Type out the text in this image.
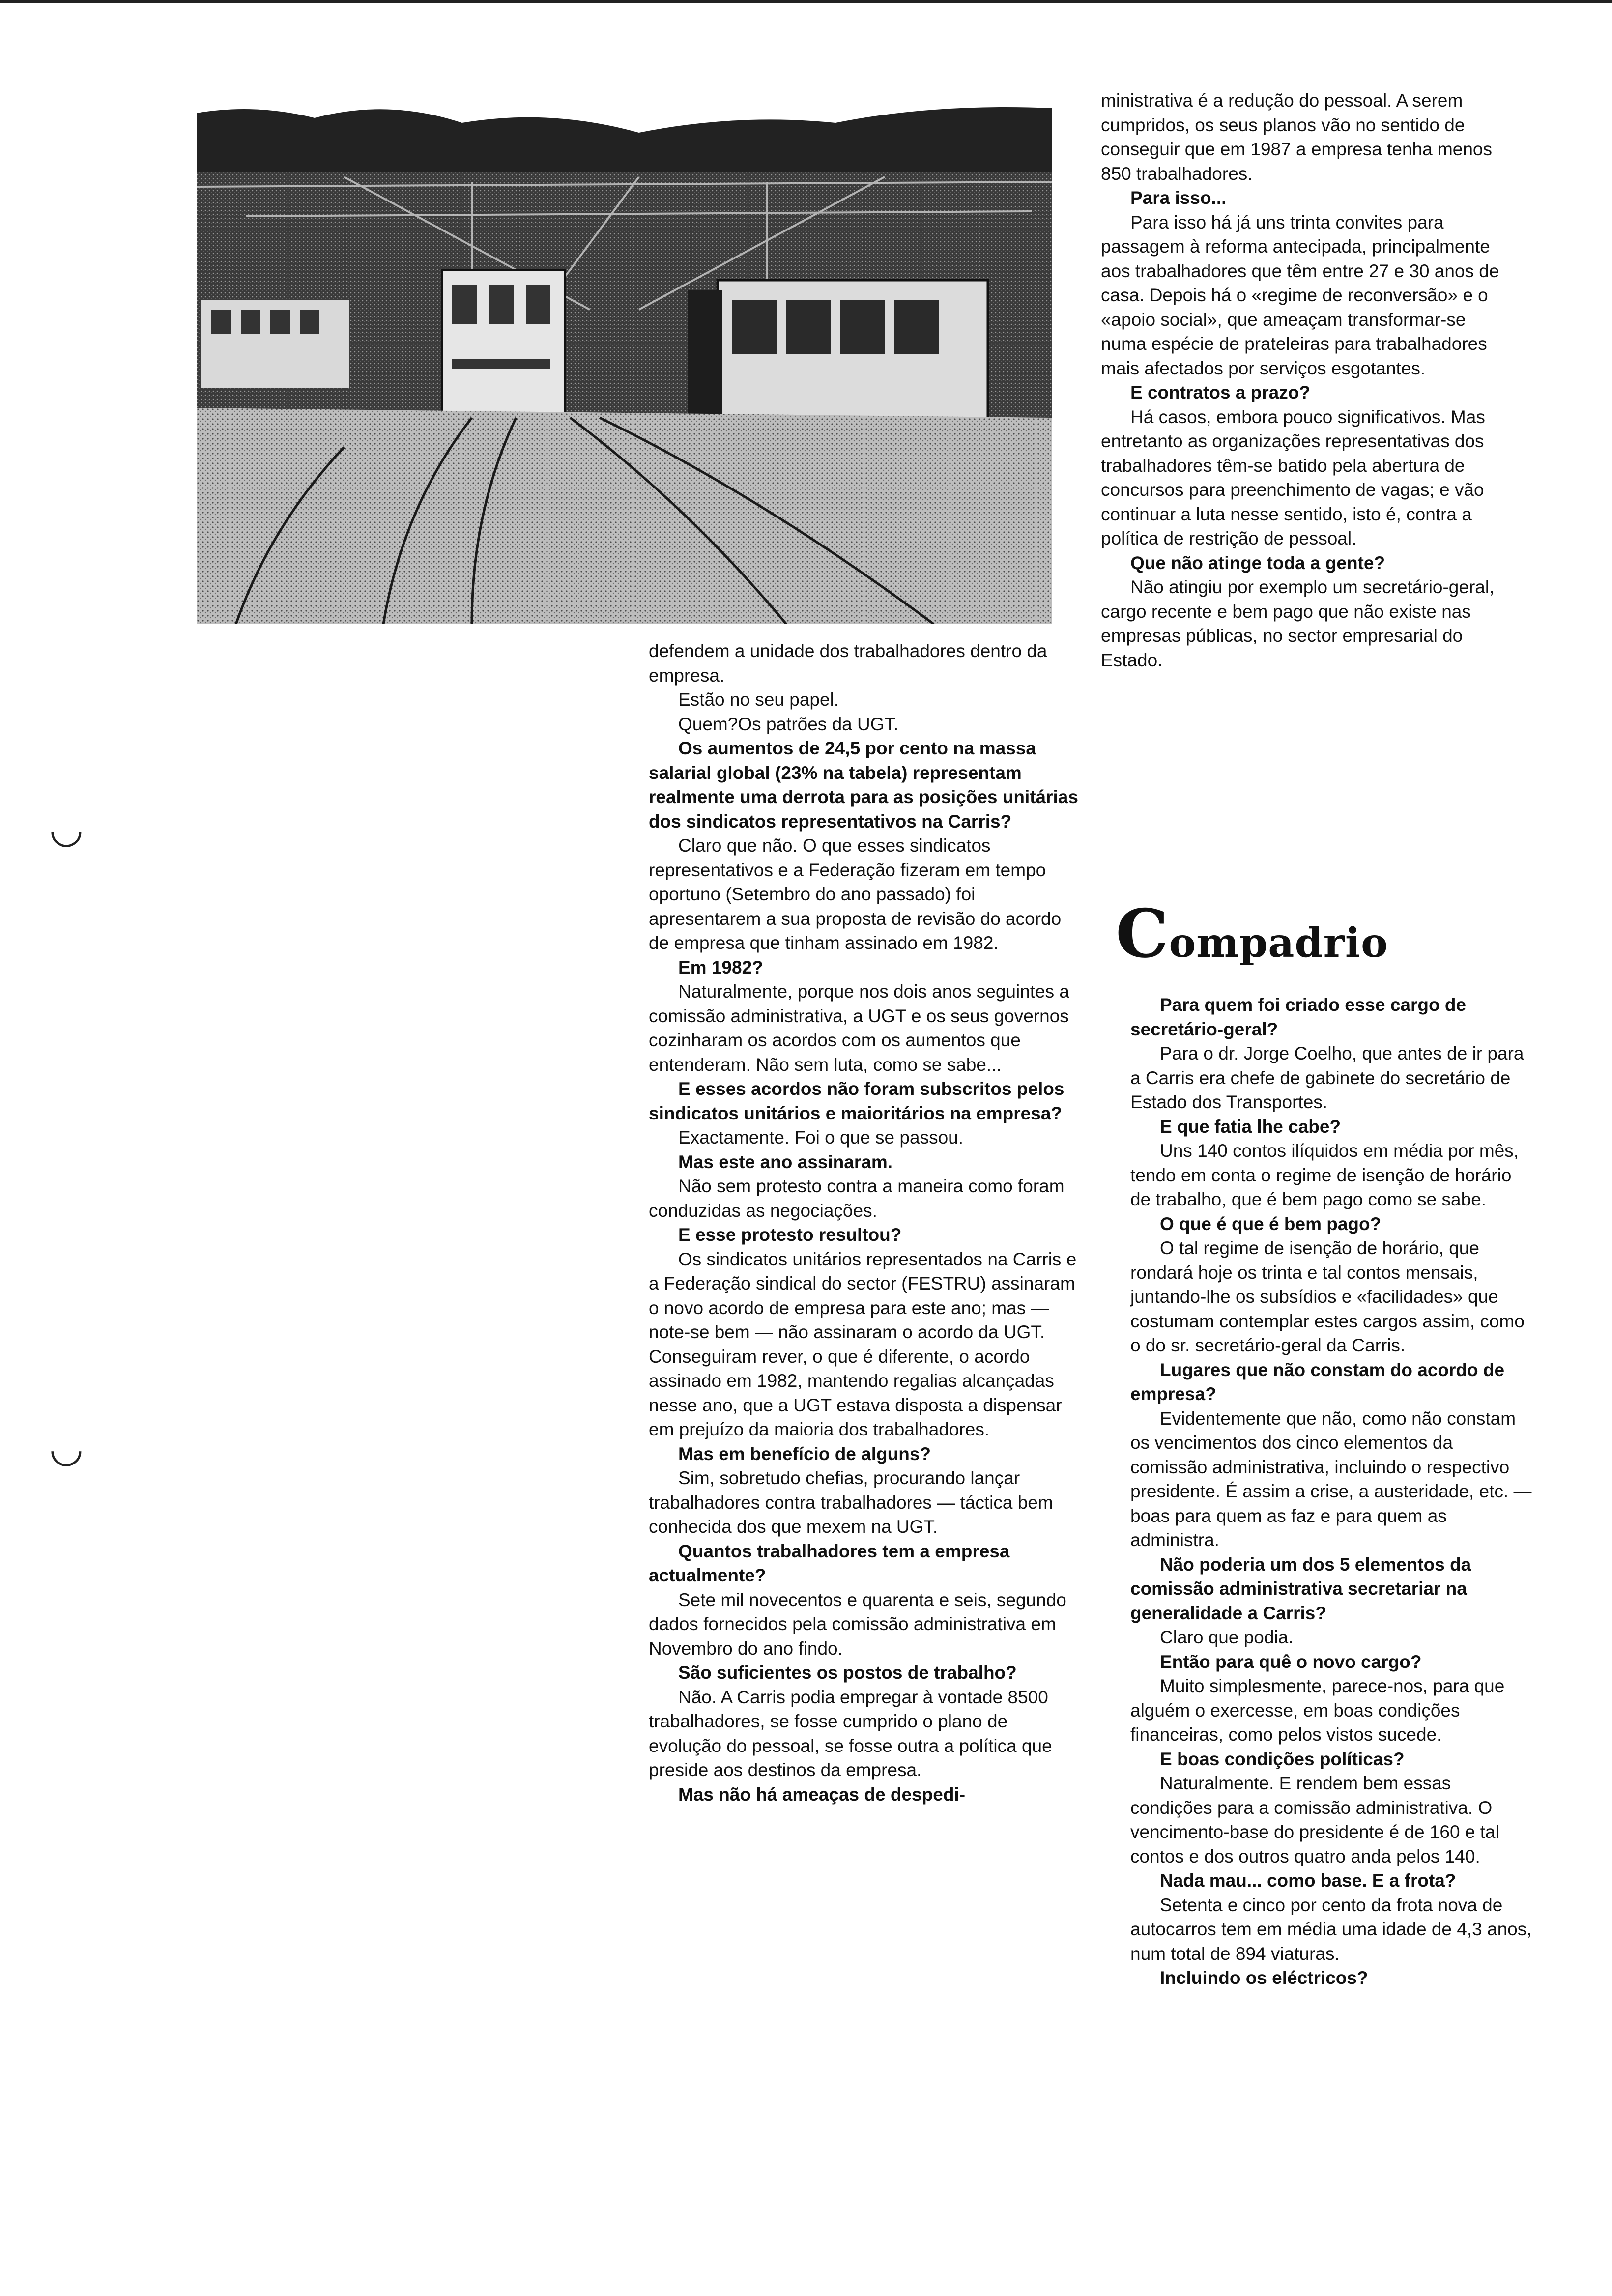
◡
◡

defendem a unidade dos trabalhadores dentro da empresa.

Estão no seu papel.

Quem?Os patrões da UGT.

Os aumentos de 24,5 por cento na massa salarial global (23% na tabela) representam realmente uma derrota para as posições unitárias dos sindicatos representativos na Carris?

Claro que não. O que esses sindicatos representativos e a Federação fizeram em tempo oportuno (Setembro do ano passado) foi apresentarem a sua proposta de revisão do acordo de empresa que tinham assinado em 1982.

Em 1982?

Naturalmente, porque nos dois anos seguintes a comissão administrativa, a UGT e os seus governos cozinharam os acordos com os aumentos que entenderam. Não sem luta, como se sabe...

E esses acordos não foram subscritos pelos sindicatos unitários e maioritários na empresa?

Exactamente. Foi o que se passou.

Mas este ano assinaram.

Não sem protesto contra a maneira como foram conduzidas as negociações.

E esse protesto resultou?

Os sindicatos unitários representados na Carris e a Federação sindical do sector (FESTRU) assinaram o novo acordo de empresa para este ano; mas — note-se bem — não assinaram o acordo da UGT. Conseguiram rever, o que é diferente, o acordo assinado em 1982, mantendo regalias alcançadas nesse ano, que a UGT estava disposta a dispensar em prejuízo da maioria dos trabalhadores.

Mas em benefício de alguns?

Sim, sobretudo chefias, procurando lançar trabalhadores contra trabalhadores — táctica bem conhecida dos que mexem na UGT.

Quantos trabalhadores tem a empresa actualmente?

Sete mil novecentos e quarenta e seis, segundo dados fornecidos pela comissão administrativa em Novembro do ano findo.

São suficientes os postos de trabalho?

Não. A Carris podia empregar à vontade 8500 trabalhadores, se fosse cumprido o plano de evolução do pessoal, se fosse outra a política que preside aos destinos da empresa.

Mas não há ameaças de despedi-

ministrativa é a redução do pessoal. A serem cumpridos, os seus planos vão no sentido de conseguir que em 1987 a empresa tenha menos 850 trabalhadores.

Para isso...

Para isso há já uns trinta convites para passagem à reforma antecipada, principalmente aos trabalhadores que têm entre 27 e 30 anos de casa. Depois há o «regime de reconversão» e o «apoio social», que ameaçam transformar-se numa espécie de prateleiras para trabalhadores mais afectados por serviços esgotantes.

E contratos a prazo?

Há casos, embora pouco significativos. Mas entretanto as organizações representativas dos trabalhadores têm-se batido pela abertura de concursos para preenchimento de vagas; e vão continuar a luta nesse sentido, isto é, contra a política de restrição de pessoal.

Que não atinge toda a gente?

Não atingiu por exemplo um secretário-geral, cargo recente e bem pago que não existe nas empresas públicas, no sector empresarial do Estado.

Compadrio

Para quem foi criado esse cargo de secretário-geral?

Para o dr. Jorge Coelho, que antes de ir para a Carris era chefe de gabinete do secretário de Estado dos Transportes.

E que fatia lhe cabe?

Uns 140 contos ilíquidos em média por mês, tendo em conta o regime de isenção de horário de trabalho, que é bem pago como se sabe.

O que é que é bem pago?

O tal regime de isenção de horário, que rondará hoje os trinta e tal contos mensais, juntando-lhe os subsídios e «facilidades» que costumam contemplar estes cargos assim, como o do sr. secretário-geral da Carris.

Lugares que não constam do acordo de empresa?

Evidentemente que não, como não constam os vencimentos dos cinco elementos da comissão administrativa, incluindo o respectivo presidente. É assim a crise, a austeridade, etc. — boas para quem as faz e para quem as administra.

Não poderia um dos 5 elementos da comissão administrativa secretariar na generalidade a Carris?

Claro que podia.

Então para quê o novo cargo?

Muito simplesmente, parece-nos, para que alguém o exercesse, em boas condições financeiras, como pelos vistos sucede.

E boas condições políticas?

Naturalmente. E rendem bem essas condições para a comissão administrativa. O vencimento-base do presidente é de 160 e tal contos e dos outros quatro anda pelos 140.

Nada mau... como base. E a frota?

Setenta e cinco por cento da frota nova de autocarros tem em média uma idade de 4,3 anos, num total de 894 viaturas.

Incluindo os eléctricos?
